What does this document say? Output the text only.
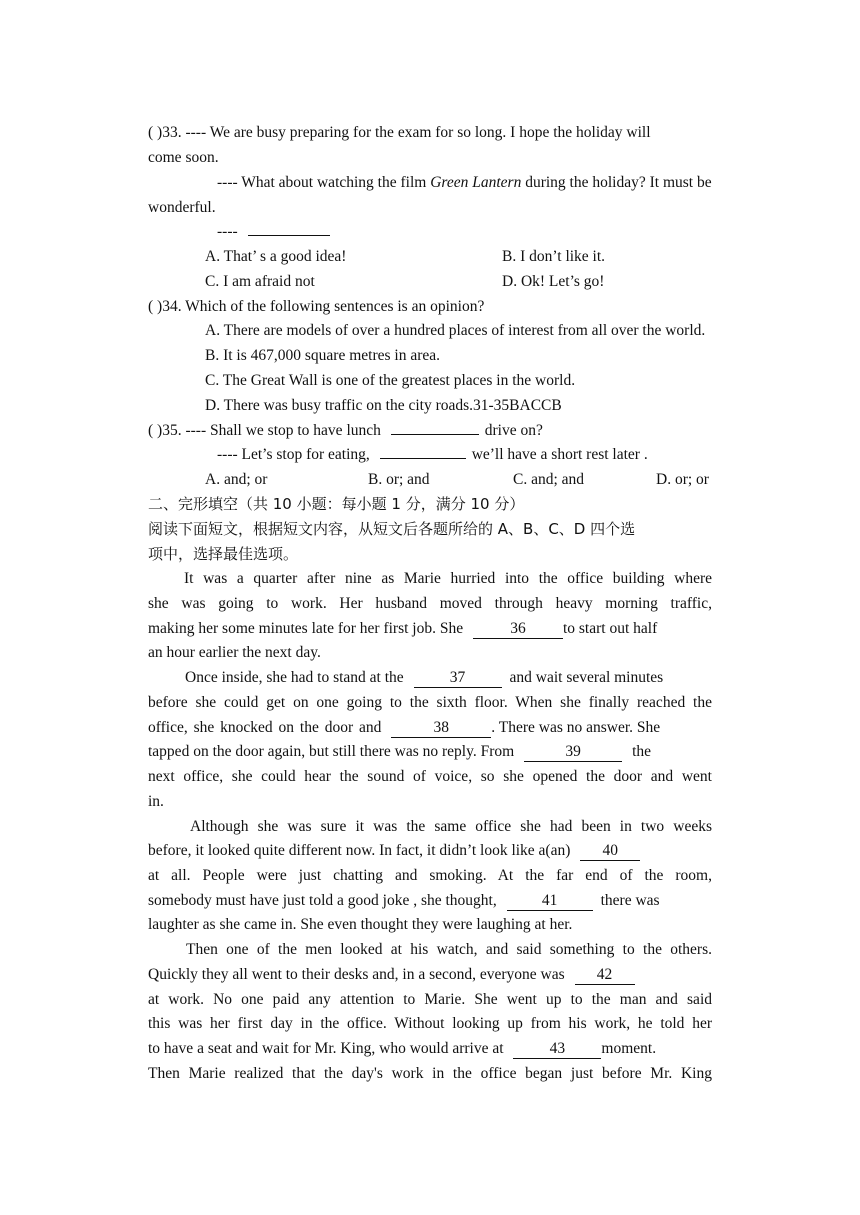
( )33. ---- We are busy preparing for the exam for so long. I hope the holiday will
come soon.
---- What about watching the film Green Lantern during the holiday? It must be
wonderful.
----
A. That’ s a good idea!	B. I don’t like it.
C. I am afraid not	D. Ok! Let’s go!
( )34. Which of the following sentences is an opinion?
A. There are models of over a hundred places of interest from all over the world.
B. It is 467,000 square metres in area.
C. The Great Wall is one of the greatest places in the world.
D. There was busy traffic on the city roads.31-35BACCB
( )35. ---- Shall we stop to have lunch	drive on?
---- Let’s stop for eating,	we’ll have a short rest later .
A. and; or	B. or; and	C. and; and	D. or; or
二、完形填空（共 10 小题：每小题 1 分，满分 10 分）
阅读下面短文，根据短文内容，从短文后各题所给的 A、B、C、D 四个选
项中，选择最佳选项。
It was a quarter after nine as Marie hurried into the office building where
she was going to work. Her husband moved through heavy morning traffic,
making her some minutes late for her first job. She	36 to start out half
an hour earlier the next day.
Once inside, she had to stand at the	37	and wait several minutes
before she could get on one going to the sixth floor. When she finally reached the
office, she knocked on the door and	38	. There was no answer. She
tapped on the door again, but still there was no reply. From	39	the
next office, she could hear the sound of voice, so she opened the door and went
in.
Although she was sure it was the same office she had been in two weeks
before, it looked quite different now. In fact, it didn’t look like a(an) 40
at all. People were just chatting and smoking. At the far end of the room,
somebody must have just told a good joke , she thought,	41	there was
laughter as she came in. She even thought they were laughing at her.
Then one of the men looked at his watch, and said something to the others.
Quickly they all went to their desks and, in a second, everyone was 42
at work. No one paid any attention to Marie. She went up to the man and said
this was her first day in the office. Without looking up from his work, he told her
to have a seat and wait for Mr. King, who would arrive at	43 moment.
Then Marie realized that the day's work in the office began just before Mr. King
